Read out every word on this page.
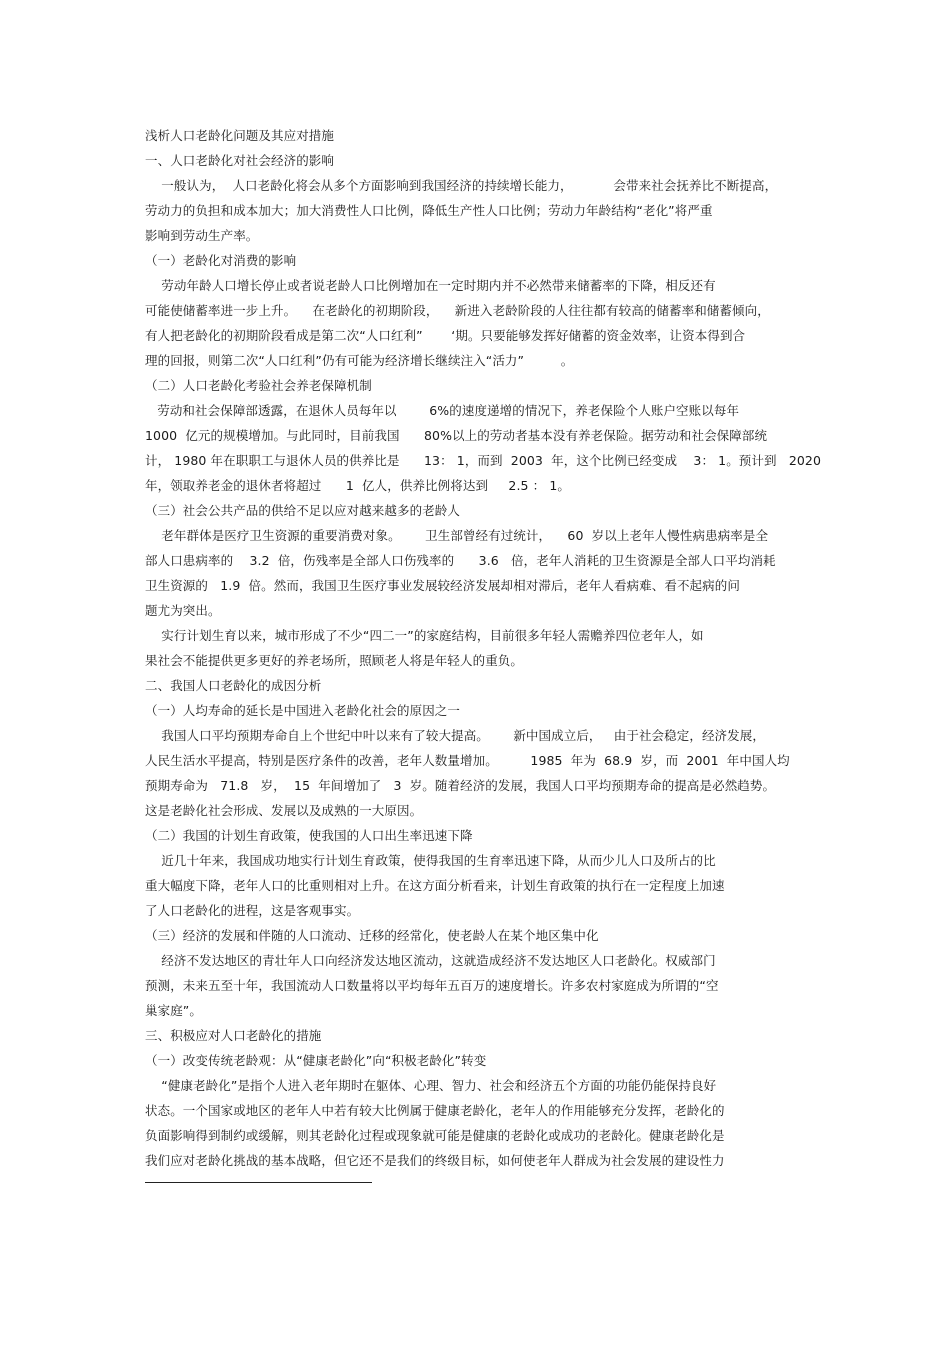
浅析人口老龄化问题及其应对措施
一、人口老龄化对社会经济的影响
一般认为，  人口老龄化将会从多个方面影响到我国经济的持续增长能力，          会带来社会抚养比不断提高，
劳动力的负担和成本加大；加大消费性人口比例，降低生产性人口比例；劳动力年龄结构“老化”将严重
影响到劳动生产率。
（一）老龄化对消费的影响
劳动年龄人口增长停止或者说老龄人口比例增加在一定时期内并不必然带来储蓄率的下降，相反还有
可能使储蓄率进一步上升。    在老龄化的初期阶段，    新进入老龄阶段的人往往都有较高的储蓄率和储蓄倾向，
有人把老龄化的初期阶段看成是第二次“人口红利”       ‘期。只要能够发挥好储蓄的资金效率，让资本得到合
理的回报，则第二次“人口红利”仍有可能为经济增长继续注入“活力”         。
（二）人口老龄化考验社会养老保障机制
劳动和社会保障部透露，在退休人员每年以        6%的速度递增的情况下，养老保险个人账户空账以每年
1000  亿元的规模增加。与此同时，目前我国      80%以上的劳动者基本没有养老保险。据劳动和社会保障部统
计， 1980 年在职职工与退休人员的供养比是      13： 1，而到  2003  年，这个比例已经变成    3： 1。预计到   2020
年，领取养老金的退休者将超过      1  亿人，供养比例将达到     2.5 ： 1。
（三）社会公共产品的供给不足以应对越来越多的老龄人
老年群体是医疗卫生资源的重要消费对象。      卫生部曾经有过统计，    60  岁以上老年人慢性病患病率是全
部人口患病率的    3.2  倍，伤残率是全部人口伤残率的      3.6   倍，老年人消耗的卫生资源是全部人口平均消耗
卫生资源的   1.9  倍。然而，我国卫生医疗事业发展较经济发展却相对滞后，老年人看病难、看不起病的问
题尤为突出。
实行计划生育以来，城市形成了不少“四二一”的家庭结构，目前很多年轻人需赡养四位老年人，如
果社会不能提供更多更好的养老场所，照顾老人将是年轻人的重负。
二、我国人口老龄化的成因分析
（一）人均寿命的延长是中国进入老龄化社会的原因之一
我国人口平均预期寿命自上个世纪中叶以来有了较大提高。      新中国成立后，   由于社会稳定，经济发展，
人民生活水平提高，特别是医疗条件的改善，老年人数量增加。        1985  年为  68.9  岁，而  2001  年中国人均
预期寿命为   71.8   岁，  15  年间增加了   3  岁。随着经济的发展，我国人口平均预期寿命的提高是必然趋势。
这是老龄化社会形成、发展以及成熟的一大原因。
（二）我国的计划生育政策，使我国的人口出生率迅速下降
近几十年来，我国成功地实行计划生育政策，使得我国的生育率迅速下降，从而少儿人口及所占的比
重大幅度下降，老年人口的比重则相对上升。在这方面分析看来，计划生育政策的执行在一定程度上加速
了人口老龄化的进程，这是客观事实。
（三）经济的发展和伴随的人口流动、迁移的经常化，使老龄人在某个地区集中化
经济不发达地区的青壮年人口向经济发达地区流动，这就造成经济不发达地区人口老龄化。权威部门
预测，未来五至十年，我国流动人口数量将以平均每年五百万的速度增长。许多农村家庭成为所谓的“空
巢家庭”。
三、积极应对人口老龄化的措施
（一）改变传统老龄观：从“健康老龄化”向“积极老龄化”转变
“健康老龄化”是指个人进入老年期时在躯体、心理、智力、社会和经济五个方面的功能仍能保持良好
状态。一个国家或地区的老年人中若有较大比例属于健康老龄化，老年人的作用能够充分发挥，老龄化的
负面影响得到制约或缓解，则其老龄化过程或现象就可能是健康的老龄化或成功的老龄化。健康老龄化是
我们应对老龄化挑战的基本战略，但它还不是我们的终级目标，如何使老年人群成为社会发展的建设性力
